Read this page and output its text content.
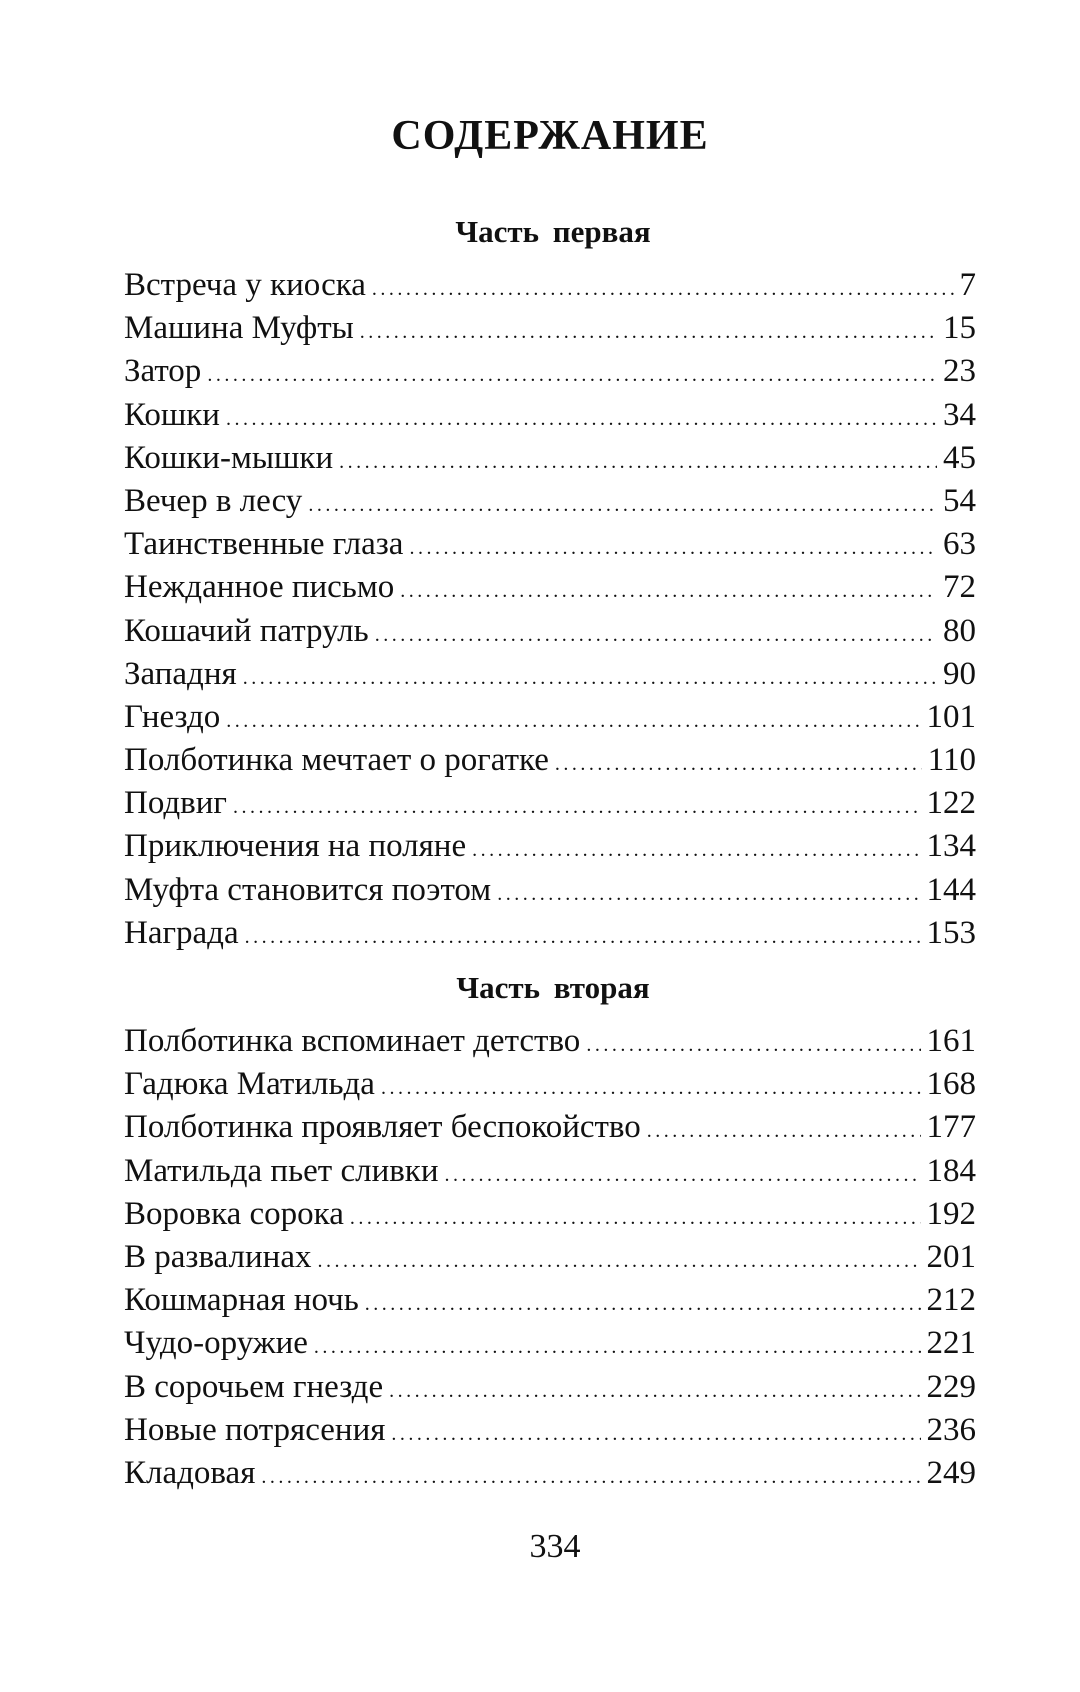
СОДЕРЖАНИЕ
Часть первая
Встреча у киоска .....	7
Машина Муфты .....	15
Затор .....	23
Кошки .....	34
Кошки-мышки .....	45
Вечер в лесу .....	54
Таинственные глаза .....	63
Нежданное письмо .....	72
Кошачий патруль .....	80
Западня .....	90
Гнездо .....	101
Полботинка мечтает о рогатке .....	110
Подвиг .....	122
Приключения на поляне .....	134
Муфта становится поэтом .....	144
Награда .....	153
Часть вторая
Полботинка вспоминает детство .....	161
Гадюка Матильда .....	168
Полботинка проявляет беспокойство .....	177
Матильда пьет сливки .....	184
Воровка сорока .....	192
В развалинах .....	201
Кошмарная ночь .....	212
Чудо-оружие .....	221
В сорочьем гнезде .....	229
Новые потрясения .....	236
Кладовая .....	249
334
